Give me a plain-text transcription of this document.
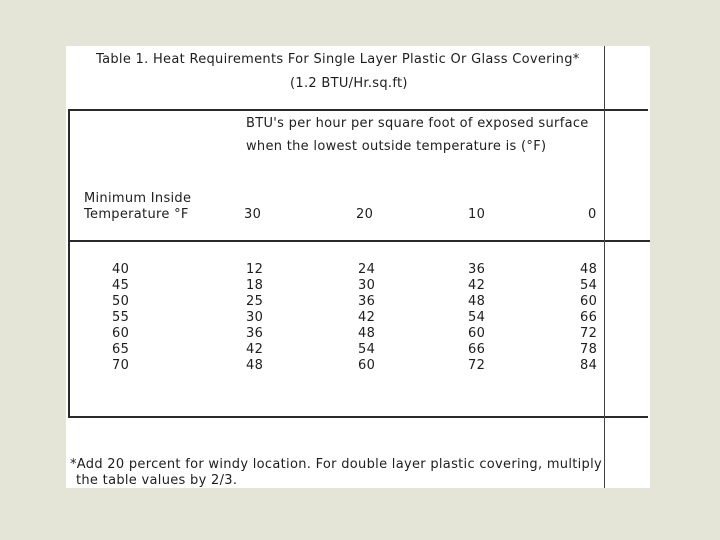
Table 1. Heat Requirements For Single Layer Plastic Or Glass Covering*
(1.2 BTU/Hr.sq.ft)
BTU's per hour per square foot of exposed surface
when the lowest outside temperature is (°F)
Minimum Inside
Temperature °F	30	20	10	0
40	12	24	36	48
45	18	30	42	54
50	25	36	48	60
55	30	42	54	66
60	36	48	60	72
65	42	54	66	78
70	48	60	72	84
*Add 20 percent for windy location. For double layer plastic covering, multiply
the table values by 2/3.
